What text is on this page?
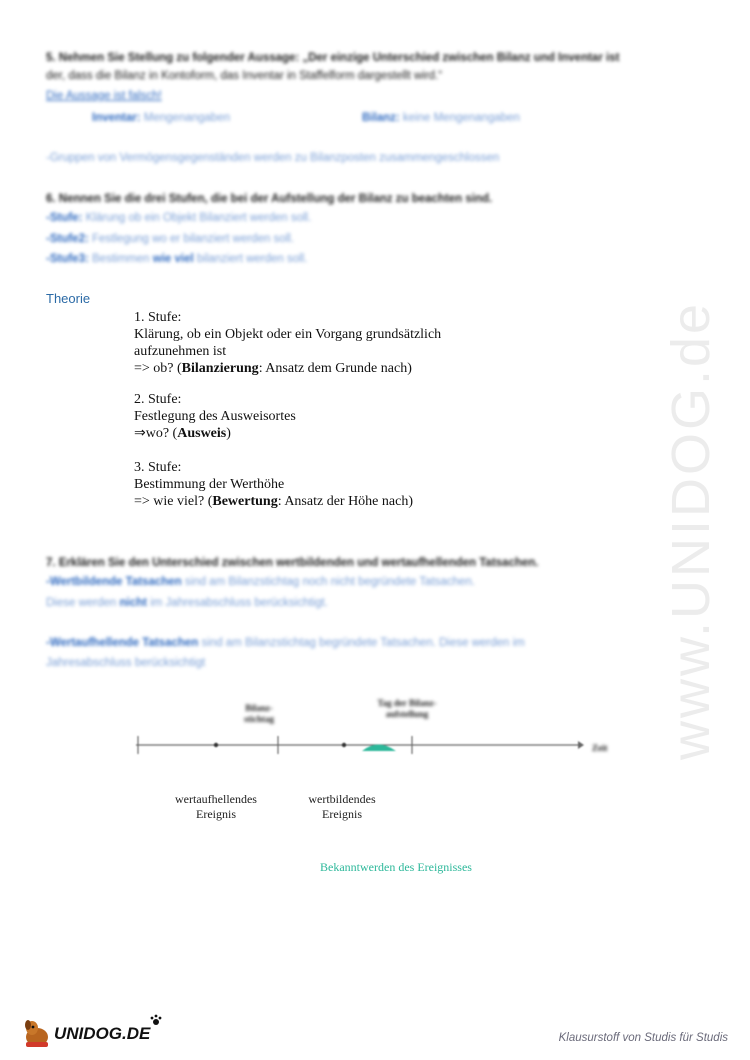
5. Nehmen Sie Stellung zu folgender Aussage: „Der einzige Unterschied zwischen Bilanz und Inventar ist
der, dass die Bilanz in Kontoform, das Inventar in Staffelform dargestellt wird.“
Die Aussage ist falsch!
Inventar: Mengenangaben	Bilanz: keine Mengenangaben
-Gruppen von Vermögensgegenständen werden zu Bilanzposten zusammengeschlossen
6. Nennen Sie die drei Stufen, die bei der Aufstellung der Bilanz zu beachten sind.
-Stufe: Klärung ob ein Objekt Bilanziert werden soll.
-Stufe2: Festlegung wo er bilanziert werden soll.
-Stufe3: Bestimmen wie viel bilanziert werden soll.
Theorie
1. Stufe:
Klärung, ob ein Objekt oder ein Vorgang grundsätzlich
aufzunehmen ist
=> ob? (Bilanzierung: Ansatz dem Grunde nach)
2. Stufe:
Festlegung des Ausweisortes
⇒wo? (Ausweis)
3. Stufe:
Bestimmung der Werthöhe
=> wie viel? (Bewertung: Ansatz der Höhe nach)
7. Erklären Sie den Unterschied zwischen wertbildenden und wertaufhellenden Tatsachen.
-Wertbildende Tatsachen sind am Bilanzstichtag noch nicht begründete Tatsachen.
Diese werden nicht im Jahresabschluss berücksichtigt.
-Wertaufhellende Tatsachen sind am Bilanzstichtag begründete Tatsachen. Diese werden im
Jahresabschluss berücksichtigt
Bilanz-
stichtag
Tag der Bilanz-
aufstellung
Zeit
wertaufhellendes
Ereignis
wertbildendes
Ereignis
Bekanntwerden des Ereignisses
www.UNIDOG.de
UNIDOG.DE	Klausurstoff von Studis für Studis
